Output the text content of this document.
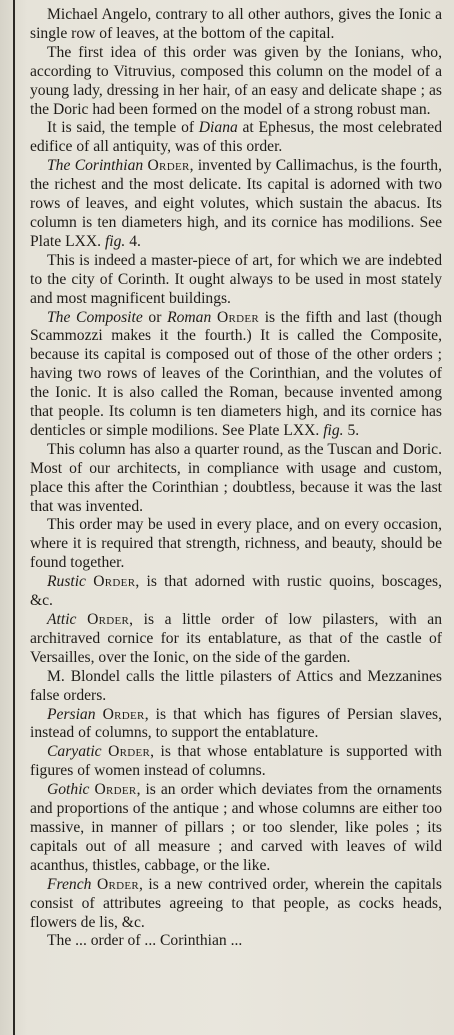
Michael Angelo, contrary to all other authors, gives the Ionic a single row of leaves, at the bottom of the capital.

The first idea of this order was given by the Ionians, who, according to Vitruvius, composed this column on the model of a young lady, dressing in her hair, of an easy and delicate shape ; as the Doric had been formed on the model of a strong robust man.

It is said, the temple of Diana at Ephesus, the most celebrated edifice of all antiquity, was of this order.

The Corinthian Order, invented by Callimachus, is the fourth, the richest and the most delicate. Its capital is adorned with two rows of leaves, and eight volutes, which sustain the abacus. Its column is ten diameters high, and its cornice has modilions. See Plate LXX. fig. 4.

This is indeed a master-piece of art, for which we are indebted to the city of Corinth. It ought always to be used in most stately and most magnificent buildings.

The Composite or Roman Order is the fifth and last (though Scammozzi makes it the fourth.) It is called the Composite, because its capital is composed out of those of the other orders ; having two rows of leaves of the Corinthian, and the volutes of the Ionic. It is also called the Roman, because invented among that people. Its column is ten diameters high, and its cornice has denticles or simple modilions. See Plate LXX. fig. 5.

This column has also a quarter round, as the Tuscan and Doric. Most of our architects, in compliance with usage and custom, place this after the Corinthian ; doubtless, because it was the last that was invented.

This order may be used in every place, and on every occasion, where it is required that strength, richness, and beauty, should be found together.

Rustic Order, is that adorned with rustic quoins, boscages, &c.

Attic Order, is a little order of low pilasters, with an architraved cornice for its entablature, as that of the castle of Versailles, over the Ionic, on the side of the garden.

M. Blondel calls the little pilasters of Attics and Mezzanines false orders.

Persian Order, is that which has figures of Persian slaves, instead of columns, to support the entablature.

Caryatic Order, is that whose entablature is supported with figures of women instead of columns.

Gothic Order, is an order which deviates from the ornaments and proportions of the antique ; and whose columns are either too massive, in manner of pillars ; or too slender, like poles ; its capitals out of all measure ; and carved with leaves of wild acanthus, thistles, cabbage, or the like.

French Order, is a new contrived order, wherein the capitals consist of attributes agreeing to that people, as cocks heads, flowers de lis, &c.

The ... order of ... Corinthian ...
